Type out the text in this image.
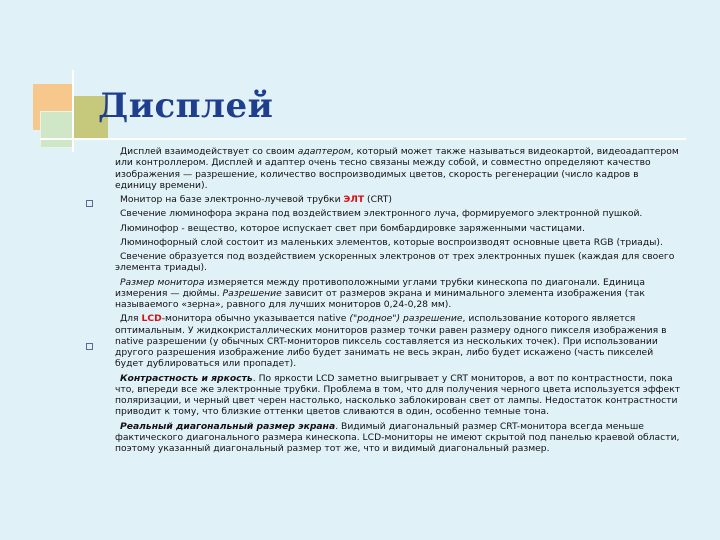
Дисплей

Дисплей взаимодействует со своим адаптером, который может также называться видеокартой, видеоадаптером или контроллером. Дисплей и адаптер очень тесно связаны между собой, и совместно определяют качество изображения — разрешение, количество воспроизводимых цветов, скорость регенерации (число кадров в единицу времени).

Монитор на базе электронно-лучевой трубки ЭЛТ (CRT)

Свечение люминофора экрана под воздействием электронного луча, формируемого электронной пушкой.

Люминофор - вещество, которое испускает свет при бомбардировке заряженными частицами.

Люминофорный слой состоит из маленьких элементов, которые воспроизводят основные цвета RGB (триады).

Свечение образуется под воздействием ускоренных электронов от трех электронных пушек (каждая для своего элемента триады).

Размер монитора измеряется между противоположными углами трубки кинескопа по диагонали. Единица измерения — дюймы. Разрешение зависит от размеров экрана и минимального элемента изображения (так называемого «зерна», равного для лучших мониторов 0,24-0,28 мм).

Для LCD-монитора обычно указывается native ("родное") разрешение, использование которого является оптимальным. У жидкокристаллических мониторов размер точки равен размеру одного пикселя изображения в native разрешении (у обычных CRT-мониторов пиксель составляется из нескольких точек). При использовании другого разрешения изображение либо будет занимать не весь экран, либо будет искажено (часть пикселей будет дублироваться или пропадет).

Контрастность и яркость. По яркости LCD заметно выигрывает у CRT мониторов, а вот по контрастности, пока что, впереди все же электронные трубки. Проблема в том, что для получения черного цвета используется эффект поляризации, и черный цвет черен настолько, насколько заблокирован свет от лампы. Недостаток контрастности приводит к тому, что близкие оттенки цветов сливаются в один, особенно темные тона.

Реальный диагональный размер экрана. Видимый диагональный размер CRT-монитора всегда меньше фактического диагонального размера кинескопа. LCD-мониторы не имеют скрытой под панелью краевой области, поэтому указанный диагональный размер тот же, что и видимый диагональный размер.
